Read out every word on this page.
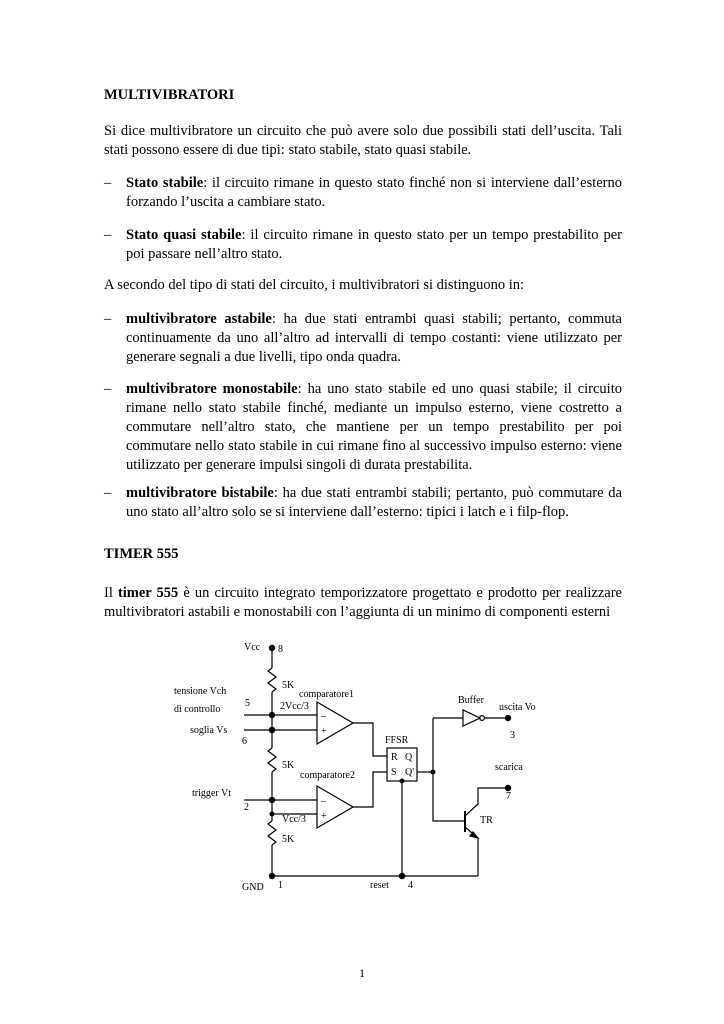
MULTIVIBRATORI

Si dice multivibratore un circuito che può avere solo due possibili stati dell’uscita. Tali stati possono essere di due tipi: stato stabile, stato quasi stabile.

– Stato stabile: il circuito rimane in questo stato finché non si interviene dall’esterno forzando l’uscita a cambiare stato.
– Stato quasi stabile: il circuito rimane in questo stato per un tempo prestabilito per poi passare nell’altro stato.

A secondo del tipo di stati del circuito, i multivibratori si distinguono in:

– multivibratore astabile: ha due stati entrambi quasi stabili; pertanto, commuta continuamente da uno all’altro ad intervalli di tempo costanti: viene utilizzato per generare segnali a due livelli, tipo onda quadra.
– multivibratore monostabile: ha uno stato stabile ed uno quasi stabile; il circuito rimane nello stato stabile finché, mediante un impulso esterno, viene costretto a commutare nell’altro stato, che mantiene per un tempo prestabilito per poi commutare nello stato stabile in cui rimane fino al successivo impulso esterno: viene utilizzato per generare impulsi singoli di durata prestabilita.
– multivibratore bistabile: ha due stati entrambi stabili; pertanto, può commutare da uno stato all’altro solo se si interviene dall’esterno: tipici i latch e i filp-flop.
TIMER 555

Il timer 555 è un circuito integrato temporizzatore progettato e prodotto per realizzare multivibratori astabili e monostabili con l’aggiunta di un minimo di componenti esterni

Vcc 8
5K
tensione Vch
di controllo
5
soglia Vs
6
comparatore1
2Vcc/3
–
+
5K
comparatore2
trigger Vt
2
–
+
Vcc/3
5K
FFSR
R Q
S Q'
Buffer
uscita Vo
3
scarica
7
TR
GND 1	reset 4
1
